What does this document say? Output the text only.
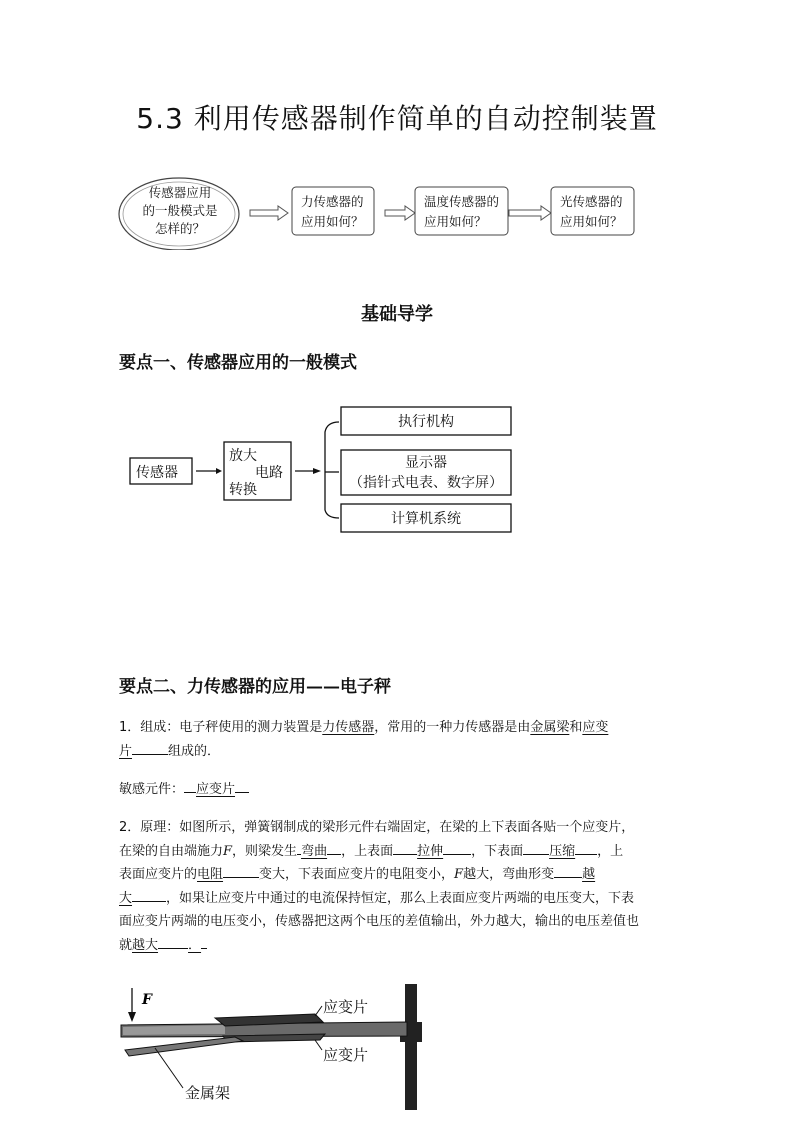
5.3 利用传感器制作简单的自动控制装置
传感器应用
的一般模式是
怎样的？
力传感器的
应用如何？
温度传感器的
应用如何？
光传感器的
应用如何？
基础导学
要点一、传感器应用的一般模式
传感器
放大
电路
转换
执行机构
显示器
（指针式电表、数字屏）
计算机系统
要点二、力传感器的应用——电子秤
1．组成：电子秤使用的测力装置是力传感器，常用的一种力传感器是由金属梁和应变
片	组成的．
敏感元件： 应变片
2．原理：如图所示，弹簧钢制成的梁形元件右端固定，在梁的上下表面各贴一个应变片，
在梁的自由端施力F，则梁发生 弯曲 ，上表面 拉伸 ，下表面 压缩 ，上
表面应变片的电阻	变大，下表面应变片的电阻变小，F越大，弯曲形变 越
大	，如果让应变片中通过的电流保持恒定，那么上表面应变片两端的电压变大，下表
面应变片两端的电压变小，传感器把这两个电压的差值输出，外力越大，输出的电压差值也
就越大 ．
F	应变片
应变片
金属架
